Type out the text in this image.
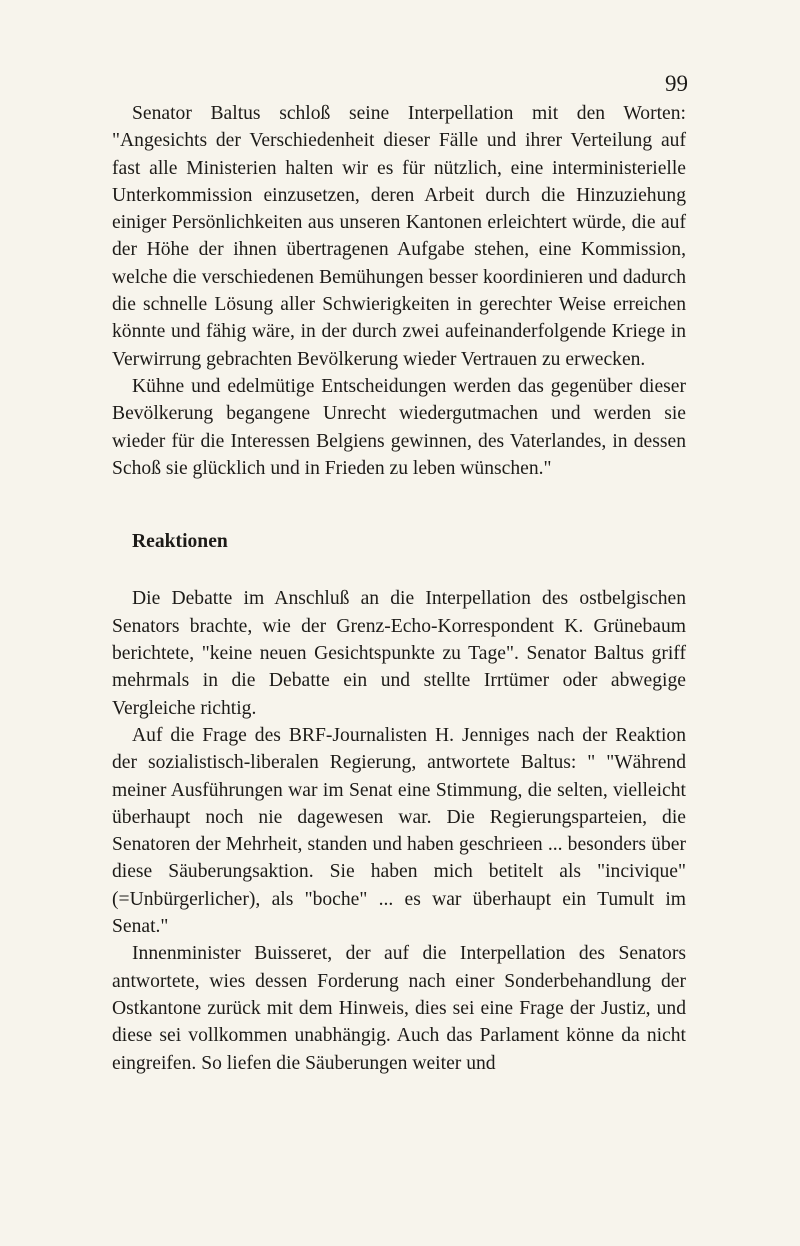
99

Senator Baltus schloß seine Interpellation mit den Worten: "Angesichts der Verschiedenheit dieser Fälle und ihrer Verteilung auf fast alle Ministerien halten wir es für nützlich, eine interministerielle Unterkommission einzusetzen, deren Arbeit durch die Hinzuziehung einiger Persönlichkeiten aus unseren Kantonen erleichtert würde, die auf der Höhe der ihnen übertragenen Aufgabe stehen, eine Kommission, welche die verschiedenen Bemühungen besser koordinieren und dadurch die schnelle Lösung aller Schwierigkeiten in gerechter Weise erreichen könnte und fähig wäre, in der durch zwei aufeinanderfolgende Kriege in Verwirrung gebrachten Bevölkerung wieder Vertrauen zu erwecken.

Kühne und edelmütige Entscheidungen werden das gegenüber dieser Bevölkerung begangene Unrecht wiedergutmachen und werden sie wieder für die Interessen Belgiens gewinnen, des Vaterlandes, in dessen Schoß sie glücklich und in Frieden zu leben wünschen."

Reaktionen

Die Debatte im Anschluß an die Interpellation des ostbelgischen Senators brachte, wie der Grenz-Echo-Korrespondent K. Grünebaum berichtete, "keine neuen Gesichtspunkte zu Tage". Senator Baltus griff mehrmals in die Debatte ein und stellte Irrtümer oder abwegige Vergleiche richtig.

Auf die Frage des BRF-Journalisten H. Jenniges nach der Reaktion der sozialistisch-liberalen Regierung, antwortete Baltus: " "Während meiner Ausführungen war im Senat eine Stimmung, die selten, vielleicht überhaupt noch nie dagewesen war. Die Regierungsparteien, die Senatoren der Mehrheit, standen und haben geschrieen ... besonders über diese Säuberungsaktion. Sie haben mich betitelt als "incivique" (=Unbürgerlicher), als "boche" ... es war überhaupt ein Tumult im Senat."

Innenminister Buisseret, der auf die Interpellation des Senators antwortete, wies dessen Forderung nach einer Sonderbehandlung der Ostkantone zurück mit dem Hinweis, dies sei eine Frage der Justiz, und diese sei vollkommen unabhängig. Auch das Parlament könne da nicht eingreifen. So liefen die Säuberungen weiter und
